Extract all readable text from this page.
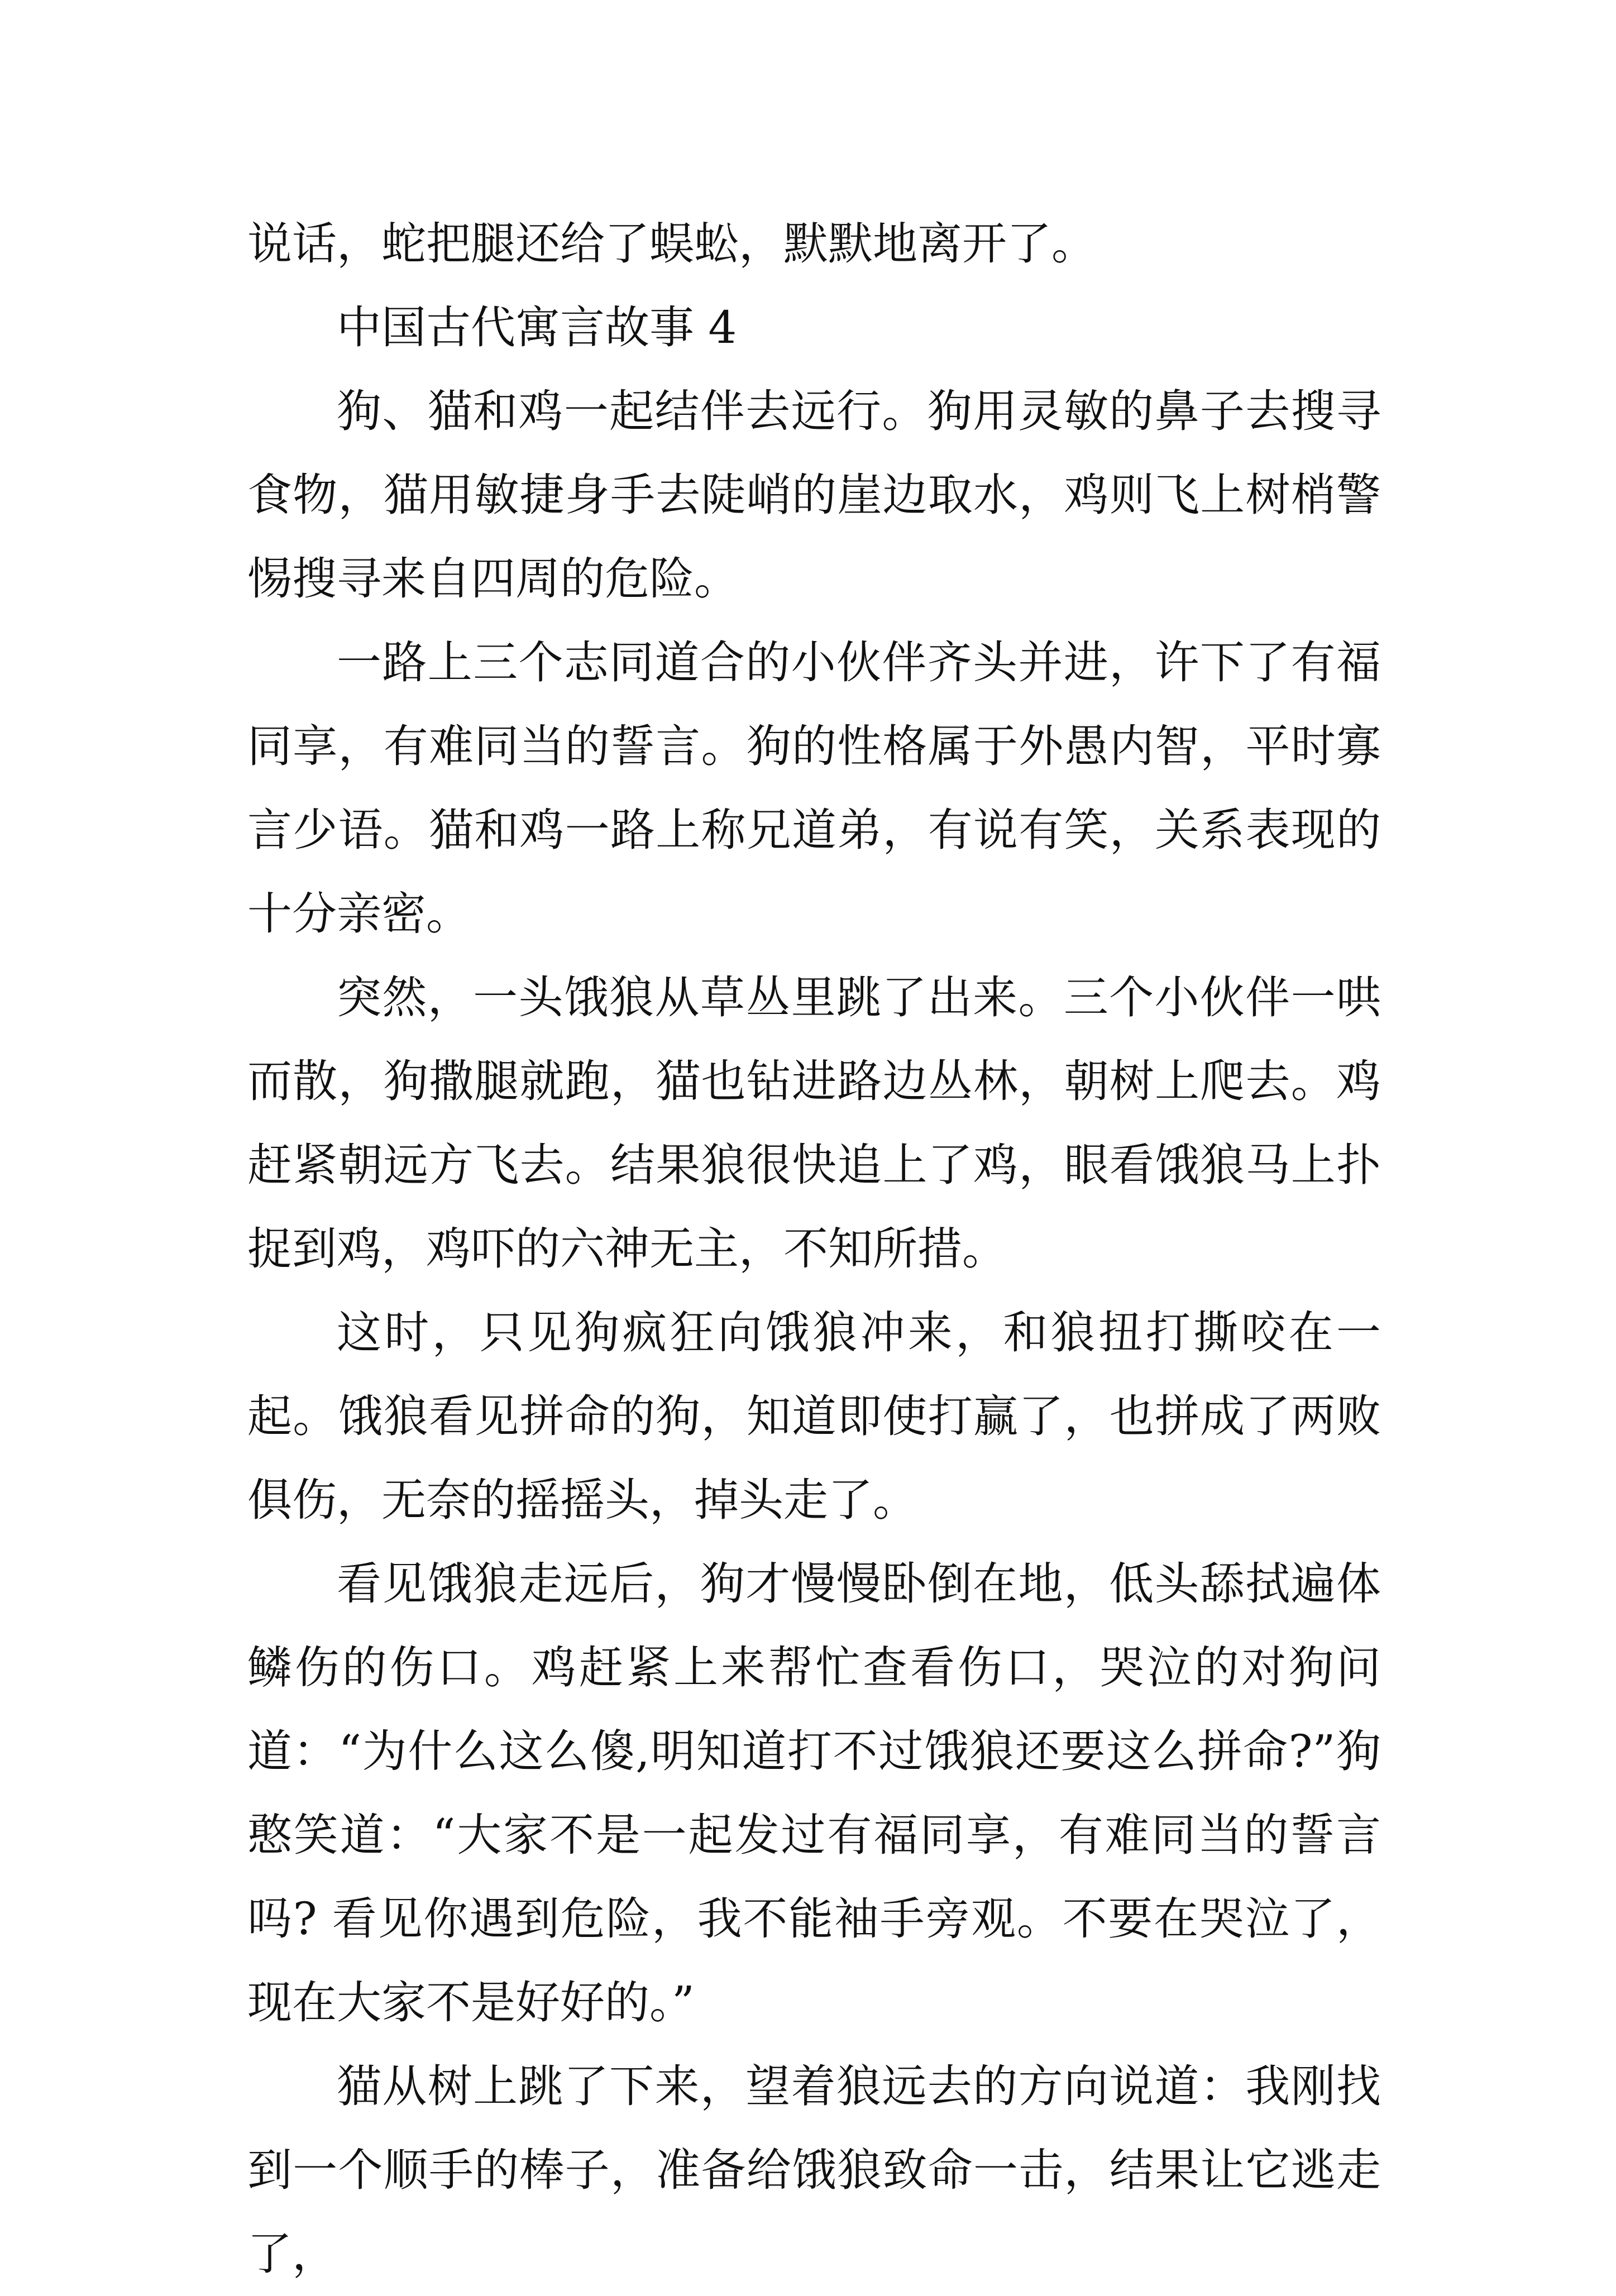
说话，蛇把腿还给了蜈蚣，默默地离开了。

中国古代寓言故事 4

狗、猫和鸡一起结伴去远行。狗用灵敏的鼻子去搜寻食物，猫用敏捷身手去陡峭的崖边取水，鸡则飞上树梢警惕搜寻来自四周的危险。

一路上三个志同道合的小伙伴齐头并进，许下了有福同享，有难同当的誓言。狗的性格属于外愚内智，平时寡言少语。猫和鸡一路上称兄道弟，有说有笑，关系表现的十分亲密。

突然，一头饿狼从草丛里跳了出来。三个小伙伴一哄而散，狗撒腿就跑，猫也钻进路边丛林，朝树上爬去。鸡赶紧朝远方飞去。结果狼很快追上了鸡，眼看饿狼马上扑捉到鸡，鸡吓的六神无主，不知所措。

这时，只见狗疯狂向饿狼冲来，和狼扭打撕咬在一起。饿狼看见拼命的狗，知道即使打赢了，也拼成了两败俱伤，无奈的摇摇头，掉头走了。

看见饿狼走远后，狗才慢慢卧倒在地，低头舔拭遍体鳞伤的伤口。鸡赶紧上来帮忙查看伤口，哭泣的对狗问道：“为什么这么傻,明知道打不过饿狼还要这么拼命?”狗憨笑道：“大家不是一起发过有福同享，有难同当的誓言吗? 看见你遇到危险，我不能袖手旁观。不要在哭泣了，现在大家不是好好的。”

猫从树上跳了下来，望着狼远去的方向说道：我刚找到一个顺手的棒子，准备给饿狼致命一击，结果让它逃走了，
